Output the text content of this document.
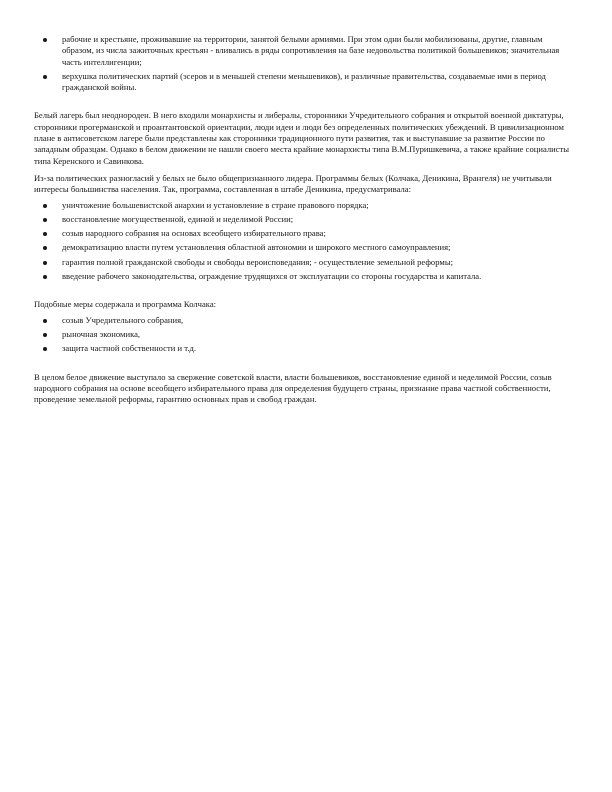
рабочие и крестьяне, проживавшие на территории, занятой белыми армиями. При этом одни были мобилизованы, другие, главным образом, из числа зажиточных крестьян - вливались в ряды сопротивления на базе недовольства политикой большевиков; значительная часть интеллигенции;
верхушка политических партий (эсеров и в меньшей степени меньшевиков), и различные правительства, создаваемые ими в период гражданской войны.

Белый лагерь был неоднороден. В него входили монархисты и либералы, сторонники Учредительного собрания и открытой военной диктатуры, сторонники прогерманской и проантантовской ориентации, люди идеи и люди без определенных политических убеждений. В цивилизационном плане в антисоветском лагере были представлены как сторонники традиционного пути развития, так и выступавшие за развитие России по западным образцам. Однако в белом движении не нашли своего места крайние монархисты типа В.М.Пуришкевича, а также крайние социалисты типа Керенского и Савинкова.

Из-за политических разногласий у белых не было общепризнанного лидера. Программы белых (Колчака, Деникина, Врангеля) не учитывали интересы большинства населения. Так, программа, составленная в штабе Деникина, предусматривала:

уничтожение большевистской анархии и установление в стране правового порядка;
восстановление могущественной, единой и неделимой России;
созыв народного собрания на основах всеобщего избирательного права;
демократизацию власти путем установления областной автономии и широкого местного самоуправления;
гарантия полной гражданской свободы и свободы вероисповедания; - осуществление земельной реформы;
введение рабочего законодательства, ограждение трудящихся от эксплуатации со стороны государства и капитала.

Подобные меры содержала и программа Колчака:

созыв Учредительного собрания,
рыночная экономика,
защита частной собственности и т.д.

В целом белое движение выступало за свержение советской власти, власти большевиков, восстановление единой и неделимой России, созыв народного собрания на основе всеобщего избирательного права для определения будущего страны, признание права частной собственности, проведение земельной реформы, гарантию основных прав и свобод граждан.
